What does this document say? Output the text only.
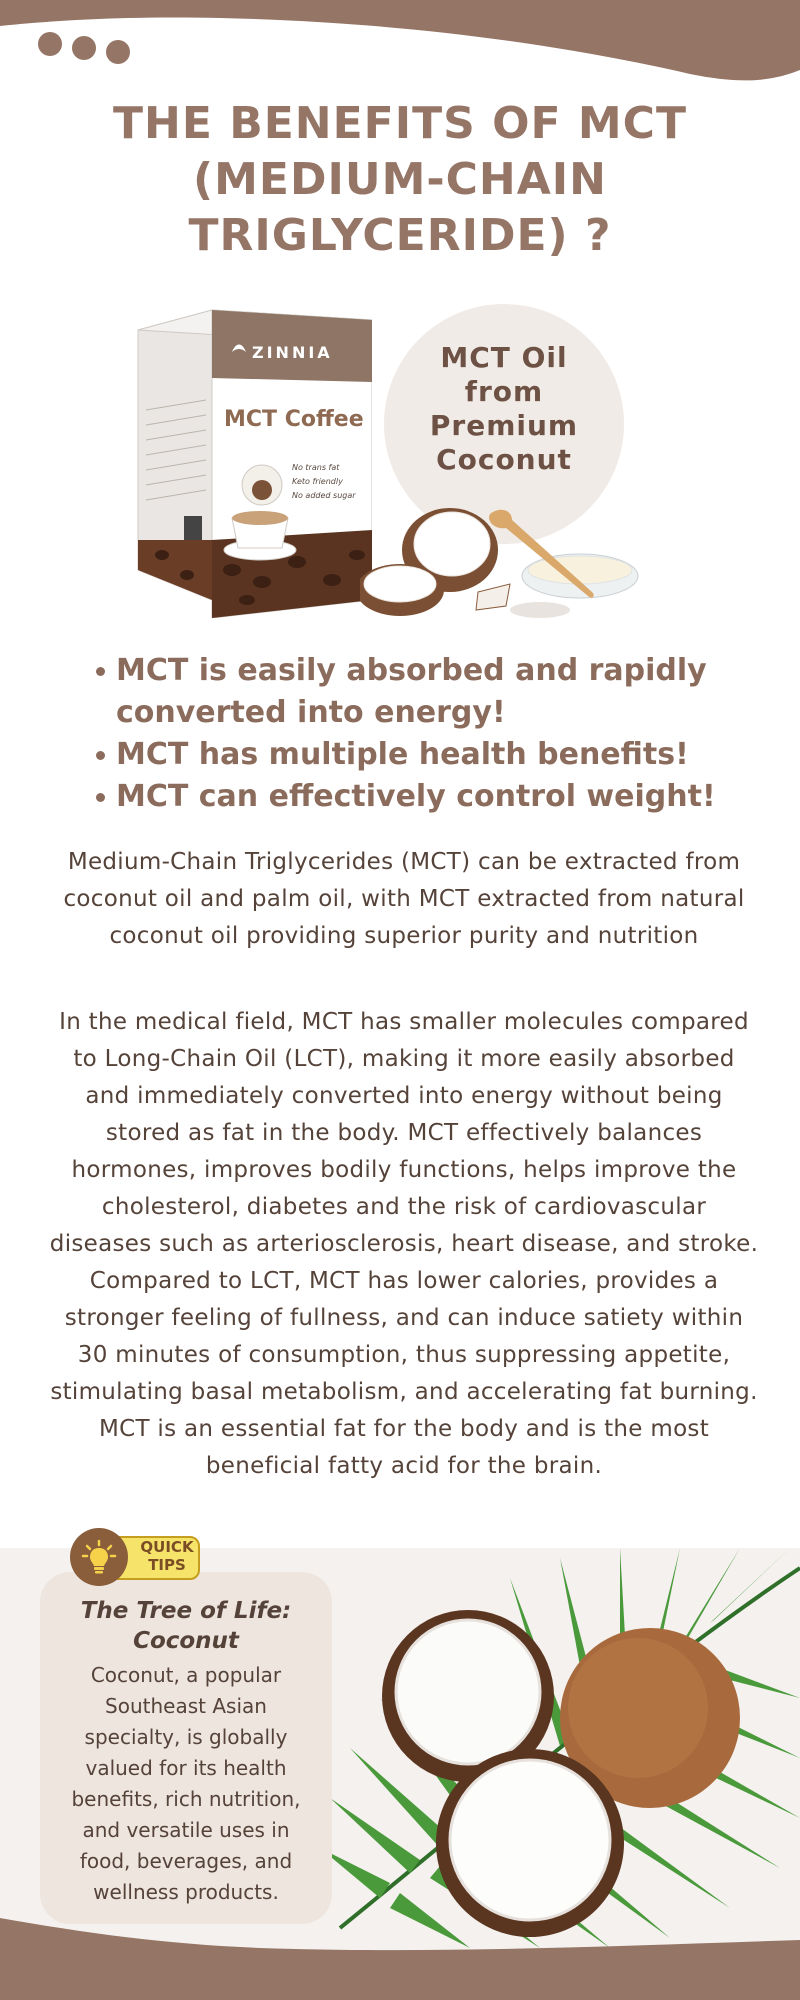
THE BENEFITS OF MCT (MEDIUM-CHAIN TRIGLYCERIDE) ?
ZINNIA
MCT Coffee
No trans fat
Keto friendly
No added sugar
MCT Oil from Premium Coconut
MCT is easily absorbed and rapidly converted into energy!
MCT has multiple health benefits!
MCT can effectively control weight!

Medium-Chain Triglycerides (MCT) can be extracted from coconut oil and palm oil, with MCT extracted from natural coconut oil providing superior purity and nutrition

In the medical field, MCT has smaller molecules compared to Long-Chain Oil (LCT), making it more easily absorbed and immediately converted into energy without being stored as fat in the body. MCT effectively balances hormones, improves bodily functions, helps improve the cholesterol, diabetes and the risk of cardiovascular diseases such as arteriosclerosis, heart disease, and stroke. Compared to LCT, MCT has lower calories, provides a stronger feeling of fullness, and can induce satiety within 30 minutes of consumption, thus suppressing appetite, stimulating basal metabolism, and accelerating fat burning. MCT is an essential fat for the body and is the most beneficial fatty acid for the brain.

QUICK TIPS
The Tree of Life: Coconut

Coconut, a popular Southeast Asian specialty, is globally valued for its health benefits, rich nutrition, and versatile uses in food, beverages, and wellness products.
